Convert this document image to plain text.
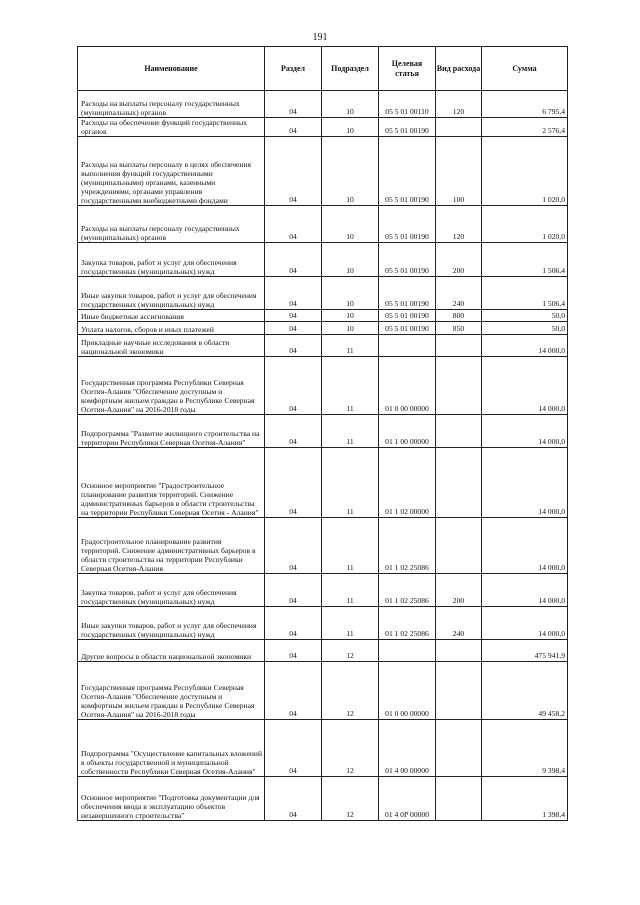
191
Наименование	Раздел	Подраздел	Целевая статья	Вид расхода	Сумма
Расходы на выплаты персоналу государственных (муниципальных) органов	04	10	05 5 01 00110	120	6 795,4
Расходы на обеспечение функций государственных органов	04	10	05 5 01 00190		2 576,4
Расходы на выплаты персоналу в целях обеспечения выполнения функций государственными (муниципальными) органами, казенными учреждениями, органами управления государственными внебюджетными фондами	04	10	05 5 01 00190	100	1 020,0
Расходы на выплаты персоналу государственных (муниципальных) органов	04	10	05 5 01 00190	120	1 020,0
Закупка товаров, работ и услуг для обеспечения государственных (муниципальных) нужд	04	10	05 5 01 00190	200	1 506,4
Иные закупки товаров, работ и услуг для обеспечения государственных (муниципальных) нужд	04	10	05 5 01 00190	240	1 506,4
Иные бюджетные ассигнования	04	10	05 5 01 00190	800	50,0
Уплата налогов, сборов и иных платежей	04	10	05 5 01 00190	850	50,0
Прикладные научные исследования в области национальной экономики	04	11			14 000,0
Государственная программа Республики Северная Осетия-Алания "Обеспечение доступным и комфортным жильем граждан в Республике Северная Осетия-Алания" на 2016-2018 годы	04	11	01 0 00 00000		14 000,0
Подпрограмма "Развитие жилищного строительства на территории Республики Северная Осетия-Алания"	04	11	01 1 00 00000		14 000,0
Основное мероприятие "Градостроительное планирование развития территорий. Снижение административных барьеров в области строительства на территории Республики Северная Осетия - Алания"	04	11	01 1 02 00000		14 000,0
Градостроительное планирование развития территорий. Снижение административных барьеров в области строительства на территории Республики Северная Осетия-Алания	04	11	01 1 02 25086		14 000,0
Закупка товаров, работ и услуг для обеспечения государственных (муниципальных) нужд	04	11	01 1 02 25086	200	14 000,0
Иные закупки товаров, работ и услуг для обеспечения государственных (муниципальных) нужд	04	11	01 1 02 25086	240	14 000,0
Другие вопросы в области национальной экономики	04	12			475 941,9
Государственная программа Республики Северная Осетия-Алания "Обеспечение доступным и комфортным жильем граждан в Республике Северная Осетия-Алания" на 2016-2018 годы	04	12	01 0 00 00000		49 458,2
Подпрограмма "Осуществление капитальных вложений в объекты государственной и муниципальной собственности Республики Северная Осетия-Алания"	04	12	01 4 00 00000		9 398,4
Основное мероприятие "Подготовка документации для обеспечения ввода в эксплуатацию объектов незавершенного строительства"	04	12	01 4 0Р 00000		1 398,4
